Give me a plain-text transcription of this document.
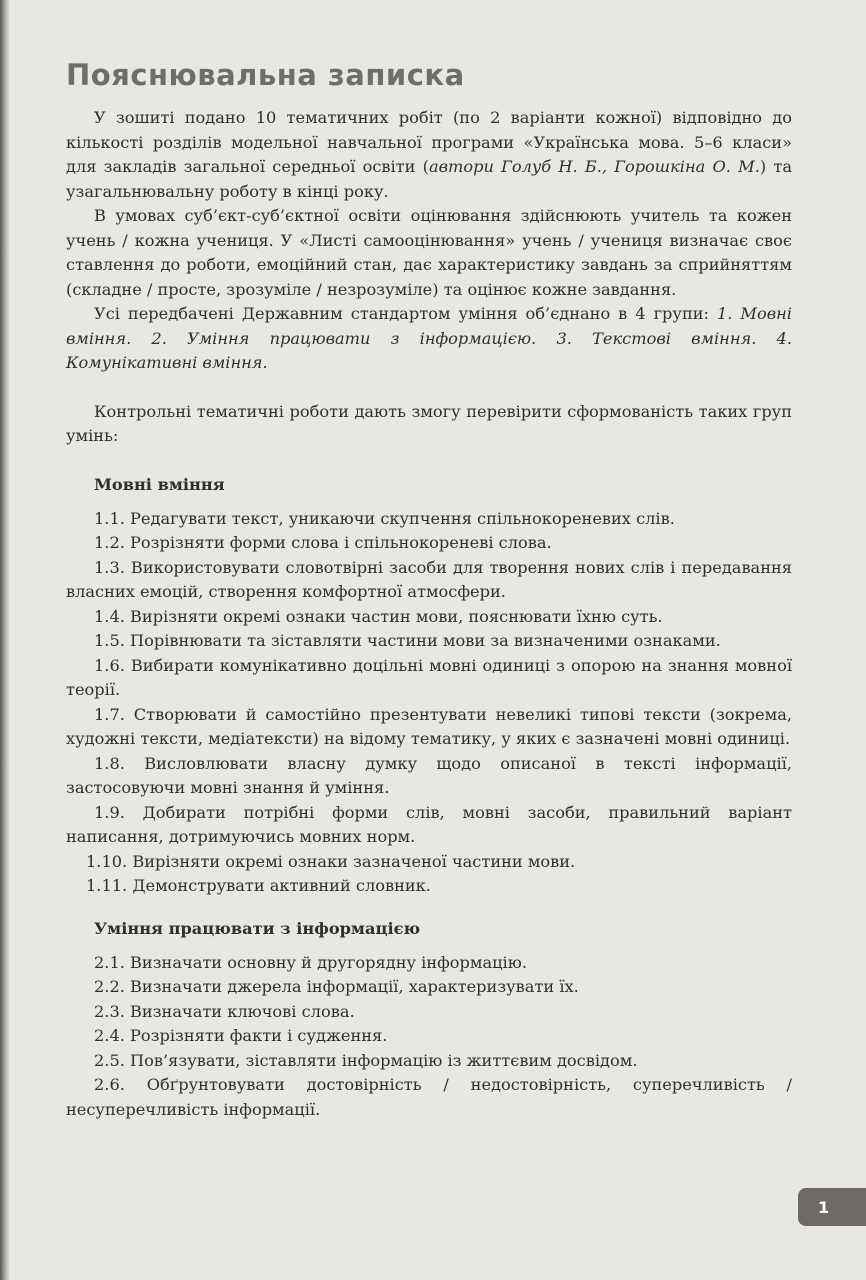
Пояснювальна записка

У зошиті подано 10 тематичних робіт (по 2 варіанти кожної) відповідно до кількості розділів модельної навчальної програми «Українська мова. 5–6 класи» для закладів загальної середньої освіти (автори Голуб Н. Б., Горошкіна О. М.) та узагальнювальну роботу в кінці року.

В умовах суб’єкт-суб’єктної освіти оцінювання здійснюють учитель та кожен учень / кожна учениця. У «Листі самооцінювання» учень / учениця визначає своє ставлення до роботи, емоційний стан, дає характеристику завдань за сприйняттям (складне / просте, зрозуміле / незрозуміле) та оцінює кожне завдання.

Усі передбачені Державним стандартом уміння об’єднано в 4 групи: 1. Мовні вміння. 2. Уміння працювати з інформацією. 3. Текстові вміння. 4. Комунікативні вміння.

Контрольні тематичні роботи дають змогу перевірити сформованість таких груп умінь:

Мовні вміння

1.1. Редагувати текст, уникаючи скупчення спільнокореневих слів.

1.2. Розрізняти форми слова і спільнокореневі слова.

1.3. Використовувати словотвірні засоби для творення нових слів і передавання власних емоцій, створення комфортної атмосфери.

1.4. Вирізняти окремі ознаки частин мови, пояснювати їхню суть.

1.5. Порівнювати та зіставляти частини мови за визначеними ознаками.

1.6. Вибирати комунікативно доцільні мовні одиниці з опорою на знання мовної теорії.

1.7. Створювати й самостійно презентувати невеликі типові тексти (зокрема, художні тексти, медіатексти) на відому тематику, у яких є зазначені мовні одиниці.

1.8. Висловлювати власну думку щодо описаної в тексті інформації, застосовуючи мовні знання й уміння.

1.9. Добирати потрібні форми слів, мовні засоби, правильний варіант написання, дотримуючись мовних норм.

1.10. Вирізняти окремі ознаки зазначеної частини мови.

1.11. Демонструвати активний словник.

Уміння працювати з інформацією

2.1. Визначати основну й другорядну інформацію.

2.2. Визначати джерела інформації, характеризувати їх.

2.3. Визначати ключові слова.

2.4. Розрізняти факти і судження.

2.5. Пов’язувати, зіставляти інформацію із життєвим досвідом.

2.6. Обґрунтовувати достовірність / недостовірність, суперечливість / несуперечливість інформації.

1
